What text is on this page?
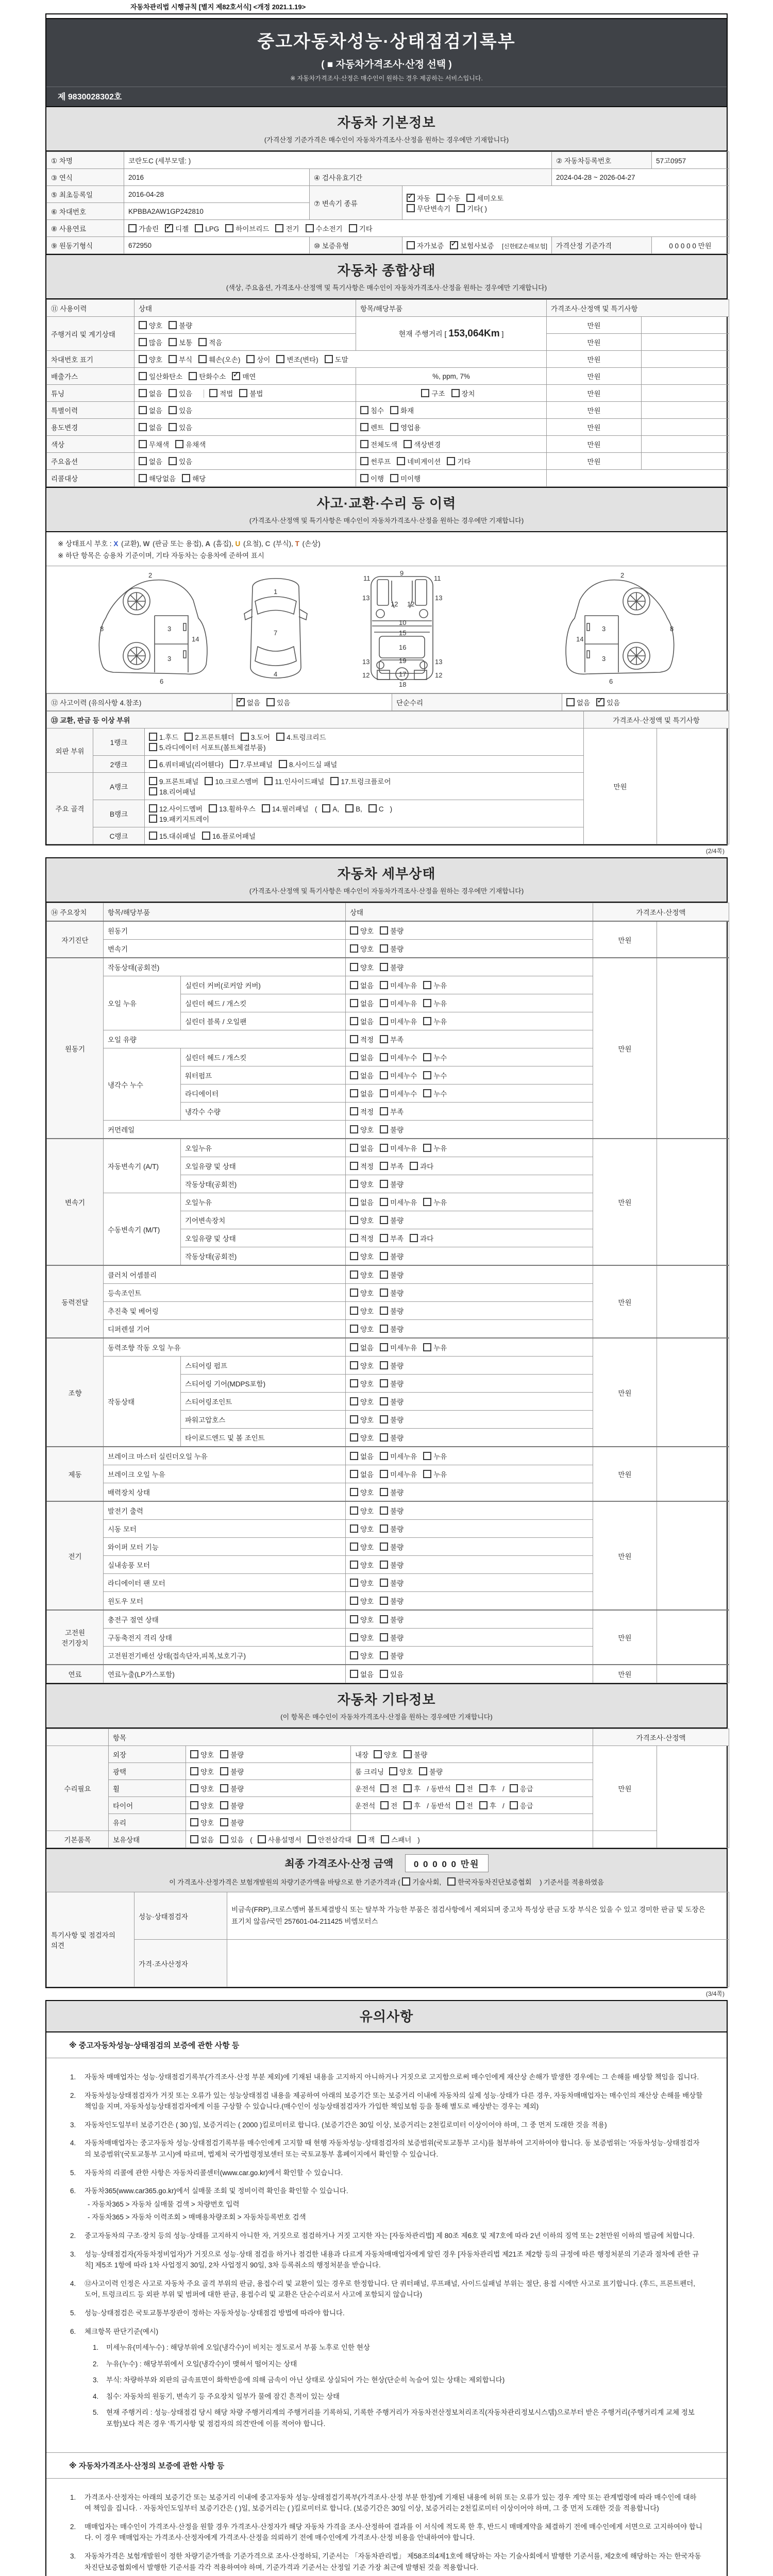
자동차관리법 시행규칙 [별지 제82호서식] <개정 2021.1.19>
중고자동차성능·상태점검기록부
( ■ 자동차가격조사·산정 선택 )
※ 자동차가격조사·산정은 매수인이 원하는 경우 제공하는 서비스입니다.
제 9830028302호
자동차 기본정보
(가격산정 기준가격은 매수인이 자동차가격조사·산정을 원하는 경우에만 기재합니다)
① 차명	코란도C (세부모델: )			② 자동차등록번호	57고0957
③ 연식	2016	④ 검사유효기간		2024-04-28 ~ 2026-04-27	
⑤ 최초등록일	2016-04-28	⑦ 변속기 종류	✓자동 수동 세미오토
무단변속기 기타( )
⑥ 차대번호	KPBBA2AW1GP242810				
⑧ 사용연료	가솔린 ✓ 디젤 LPG 하이브리드 전기 수소전기 기타
⑨ 원동기형식	672950	⑩ 보증유형	자가보증 ✓ 보험사보증 [신한EZ손해보험]	가격산정 기준가격	0 0 0 0 0 만원
자동차 종합상태
(색상, 주요옵션, 가격조사·산정액 및 특기사항은 매수인이 자동차가격조사·산정을 원하는 경우에만 기재합니다)
⑪ 사용이력	상태	항목/해당부품	가격조사·산정액 및 특기사항	
주행거리 및 계기상태	양호 불량	현재 주행거리 [ 153,064Km ]	만원	
	많음 보통 적음		만원	
차대번호 표기	양호 부식 훼손(오손) 상이 변조(변타) 도말		만원	
배출가스	일산화탄소 탄화수소 ✓ 매연	%, ppm, 7%	만원	
튜닝	없음 있음 적법 불법	구조 장치	만원	
특별이력	없음 있음	침수 화재	만원	
용도변경	없음 있음	렌트 영업용	만원	
색상	무채색 유채색	전체도색 색상변경	만원	
주요옵션	없음 있음	썬루프 네비게이션 기타	만원	
리콜대상	해당없음 해당	이행 미이행		
사고·교환·수리 등 이력
(가격조사·산정액 및 특기사항은 매수인이 자동차가격조사·산정을 원하는 경우에만 기재합니다)
※ 상태표시 부호 : X (교환), W (판금 또는 용접), A (흠집), U (요철), C (부식), T (손상)
※ 하단 항목은 승용차 기준이며, 기타 자동차는 승용차에 준하여 표시
2
8	3
3
14
6
1
7
4
11	11
9
13	13
12 12
10
15
16
13	13
19
12	12
17
18
2
8
3
3
14
6
⑫ 사고이력 (유의사항 4.참조)	✓없음 있음	단순수리	없음 ✓ 있음
⑬ 교환, 판금 등 이상 부위			가격조사·산정액 및 특기사항	
외판 부위	1랭크	1.후드 2.프론트휀더 3.도어 4.트렁크리드
5.라디에이터 서포트(볼트체결부품)	만원	
	2랭크	6.쿼터패널(리어휀다) 7.루브패널 8.사이드실 패널		
주요 골격	A랭크	9.프론트패널 10.크로스멤버 11.인사이드패널 17.트렁크플로어
18.리어패널		
	B랭크	12.사이드멤버 13.휠하우스 14.필러패널 ( A, B, C )
19.패키지트레이		
	C랭크	15.대쉬패널 16.플로어패널		
(2/4쪽)
자동차 세부상태
(가격조사·산정액 및 특기사항은 매수인이 자동차가격조사·산정을 원하는 경우에만 기재합니다)
⑭ 주요장치	항목/해당부품		상태	가격조사·산정액	
자기진단	원동기		양호 불량	만원	
	변속기		양호 불량		
원동기	작동상태(공회전)		양호 불량	만원	
	오일 누유	실린더 커버(로커암 커버)	없음 미세누유 누유		
		실린더 헤드 / 개스킷	없음 미세누유 누유		
		실린더 블록 / 오일팬	없음 미세누유 누유		
	오일 유량		적정 부족		
	냉각수 누수	실린더 헤드 / 개스킷	없음 미세누수 누수		
		워터펌프	없음 미세누수 누수		
		라디에이터	없음 미세누수 누수		
		냉각수 수량	적정 부족		
	커먼레일		양호 불량		
변속기	자동변속기 (A/T)	오일누유	없음 미세누유 누유	만원	
		오일유량 및 상태	적정 부족 과다		
		작동상태(공회전)	양호 불량		
	수동변속기 (M/T)	오일누유	없음 미세누유 누유		
		기어변속장치	양호 불량		
		오일유량 및 상태	적정 부족 과다		
		작동상태(공회전)	양호 불량		
동력전달	클러치 어셈블리		양호 불량	만원	
	등속조인트		양호 불량		
	추진축 및 베어링		양호 불량		
	디퍼렌셜 기어		양호 불량		
조향	동력조향 작동 오일 누유		없음 미세누유 누유	만원	
	작동상태	스티어링 펌프	양호 불량		
		스티어링 기어(MDPS포함)	양호 불량		
		스티어링조인트	양호 불량		
		파워고압호스	양호 불량		
		타이로드엔드 및 볼 조인트	양호 불량		
제동	브레이크 마스터 실린더오일 누유		없음 미세누유 누유	만원	
	브레이크 오일 누유		없음 미세누유 누유		
	배력장치 상태		양호 불량		
전기	발전기 출력		양호 불량	만원	
	시동 모터		양호 불량		
	와이퍼 모터 기능		양호 불량		
	실내송풍 모터		양호 불량		
	라디에이터 팬 모터		양호 불량		
	윈도우 모터		양호 불량		
고전원 전기장치	충전구 절연 상태		양호 불량	만원	
	구동축전지 격리 상태		양호 불량		
	고전원전기배선 상태(접속단자,피복,보호기구)		양호 불량		
연료	연료누출(LP가스포함)		없음 있음	만원	
자동차 기타정보
(이 항목은 매수인이 자동차가격조사·산정을 원하는 경우에만 기재합니다)
	항목			가격조사·산정액	
수리필요	외장	양호 불량	내장 양호 불량	만원	
	광택	양호 불량	룸 크리닝 양호 불량		
	휠	양호 불량	운전석 전 후 / 동반석 전 후 / 응급		
	타이어	양호 불량	운전석 전 후 / 동반석 전 후 / 응급		
	유리	양호 불량			
기본품목	보유상태	없음 있음 ( 사용설명서 안전삼각대 잭 스패너 )			
최종 가격조사·산정 금액 0 0 0 0 0 만원
이 가격조사·산정가격은 보험개발원의 차량기준가액을 바탕으로 한 기준가격과 ( 기술사회, 한국자동차진단보증협회 ) 기준서를 적용하였음
특기사항 및 점검자의 의견	성능·상태점검자	비금속(FRP),크로스멤버 볼트체결방식 또는 탈부착 가능한 부품은 점검사항에서 제외되며 중고차 특성상 판금 도장 부식은 있을 수 있고 경미한 판금 및 도장은 표기치 않음/국민 257601-04-211425 비엠모터스
	가격·조사산정자	
(3/4쪽)
유의사항
※ 중고자동차성능·상태점검의 보증에 관한 사항 등
1.	자동차 매매업자는 성능·상태점검기록부(가격조사·산정 부분 제외)에 기재된 내용을 고지하지 아니하거나 거짓으로 고지함으로써 매수인에게 재산상 손해가 발생한 경우에는 그 손해를 배상할 책임을 집니다.
2.	자동차성능상태점검자가 거짓 또는 오류가 있는 성능상태점검 내용을 제공하여 아래의 보증기간 또는 보증거리 이내에 자동차의 실제 성능·상태가 다른 경우, 자동차매매업자는 매수인의 재산상 손해를 배상할 책임을 지며, 자동차성능상태점검자에게 이를 구상할 수 있습니다.(매수인이 성능상태점검자가 가입한 책임보험 등을 통해 별도로 배상받는 경우는 제외)
3.	자동차인도일부터 보증기간은 ( 30 )일, 보증거리는 ( 2000 )킬로미터로 합니다. (보증기간은 30일 이상, 보증거리는 2천킬로미터 이상이어야 하며, 그 중 먼저 도래한 것을 적용)
4.	자동차매매업자는 중고자동차 성능·상태점검기록부를 매수인에게 고지할 때 현행 자동차성능·상태점검자의 보증범위(국토교통부 고시)를 첨부하여 고지하여야 합니다. 동 보증범위는 '자동차성능·상태점검자의 보증범위'(국토교통부 고시)에 따르며, 법제처 국가법령정보센터 또는 국토교통부 홈페이지에서 확인할 수 있습니다.
5.	자동차의 리콜에 관한 사항은 자동차리콜센터(www.car.go.kr)에서 확인할 수 있습니다.
6.	자동차365(www.car365.go.kr)에서 실매물 조회 및 정비이력 확인을 확인할 수 있습니다.
- 자동차365 > 자동차 실매물 검색 > 차량번호 입력
- 자동차365 > 자동차 이력조회 > 매매용차량조회 > 자동차등록번호 검색
2.	중고자동차의 구조·장치 등의 성능·상태를 고지하지 아니한 자, 거짓으로 점검하거나 거짓 고지한 자는 [자동차관리법] 제 80조 제6호 및 제7호에 따라 2년 이하의 징역 또는 2천만원 이하의 벌금에 처합니다.
3.	성능·상태점검자(자동차정비업자)가 거짓으로 성능·상태 점검을 하거나 점검한 내용과 다르게 자동차매매업자에게 알린 경우 [자동차관리법 제21조 제2항 등의 규정에 따른 행정처분의 기준과 절차에 관한 규칙] 제5조 1항에 따라 1차 사업정지 30일, 2차 사업정지 90일, 3차 등록취소의 행정처분을 받습니다.
4.	⑫사고이력 인정은 사고로 자동차 주요 골격 부위의 판금, 용접수리 및 교환이 있는 경우로 한정합니다. 단 쿼터패널, 루프패널, 사이드실패널 부위는 절단, 용접 시에만 사고로 표기합니다. (후드, 프론트펜더, 도어, 트렁크리드 등 외판 부위 및 범퍼에 대한 판금, 용접수리 및 교환은 단순수리로서 사고에 포함되지 않습니다)
5.	성능·상태점검은 국토교통부장관이 정하는 자동차성능·상태점검 방법에 따라야 합니다.
6.	체크항목 판단기준(예시)
1.	미세누유(미세누수) : 해당부위에 오일(냉각수)이 비치는 정도로서 부품 노후로 인한 현상
2.	누유(누수) : 해당부위에서 오일(냉각수)이 맺혀서 떨어지는 상태
3.	부식: 차량하부와 외판의 금속표면이 화학반응에 의해 금속이 아닌 상태로 상실되어 가는 현상(단순히 녹슬어 있는 상태는 제외합니다)
4.	침수: 자동차의 원동기, 변속기 등 주요장치 일부가 물에 잠긴 흔적이 있는 상태
5.	현재 주행거리 : 성능·상태점검 당시 해당 차량 주행거리계의 주행거리를 기록하되, 기록한 주행거리가 자동차전산정보처리조직(자동차관리정보시스템)으로부터 받은 주행거리(주행거리계 교체 정보 포함)보다 적은 경우 '특기사항 및 점검자의 의견'란에 이를 적어야 합니다.
※ 자동차가격조사·산정의 보증에 관한 사항 등
1.	가격조사·산정자는 아래의 보증기간 또는 보증거리 이내에 중고자동차 성능·상태점검기록부(가격조사·산정 부분 한정)에 기재된 내용에 허위 또는 오류가 있는 경우 계약 또는 관계법령에 따라 매수인에 대하여 책임을 집니다. · 자동차인도일부터 보증기간은 ( )일, 보증거리는 ( )킬로미터로 합니다. (보증기간은 30일 이상, 보증거리는 2천킬로미터 이상이어야 하며, 그 중 먼저 도래한 것을 적용합니다)
2.	매매업자는 매수인이 가격조사·산정을 원할 경우 가격조사·산정자가 해당 자동차 가격을 조사·산정하여 결과를 이 서식에 적도록 한 후, 반드시 매매계약을 체결하기 전에 매수인에게 서면으로 고지하여야 합니다. 이 경우 매매업자는 가격조사·산정자에게 가격조사·산정을 의뢰하기 전에 매수인에게 가격조사·산정 비용을 안내하여야 합니다.
3.	자동차가격은 보험개발원이 정한 차량기준가액을 기준가격으로 조사·산정하되, 기준서는 「자동차관리법」 제58조의4제1호에 해당하는 자는 기술사회에서 발행한 기준서를, 제2호에 해당하는 자는 한국자동차진단보증협회에서 발행한 기준서를 각각 적용하여야 하며, 기준가격과 기준서는 산정일 기준 가장 최근에 발행된 것을 적용합니다.
